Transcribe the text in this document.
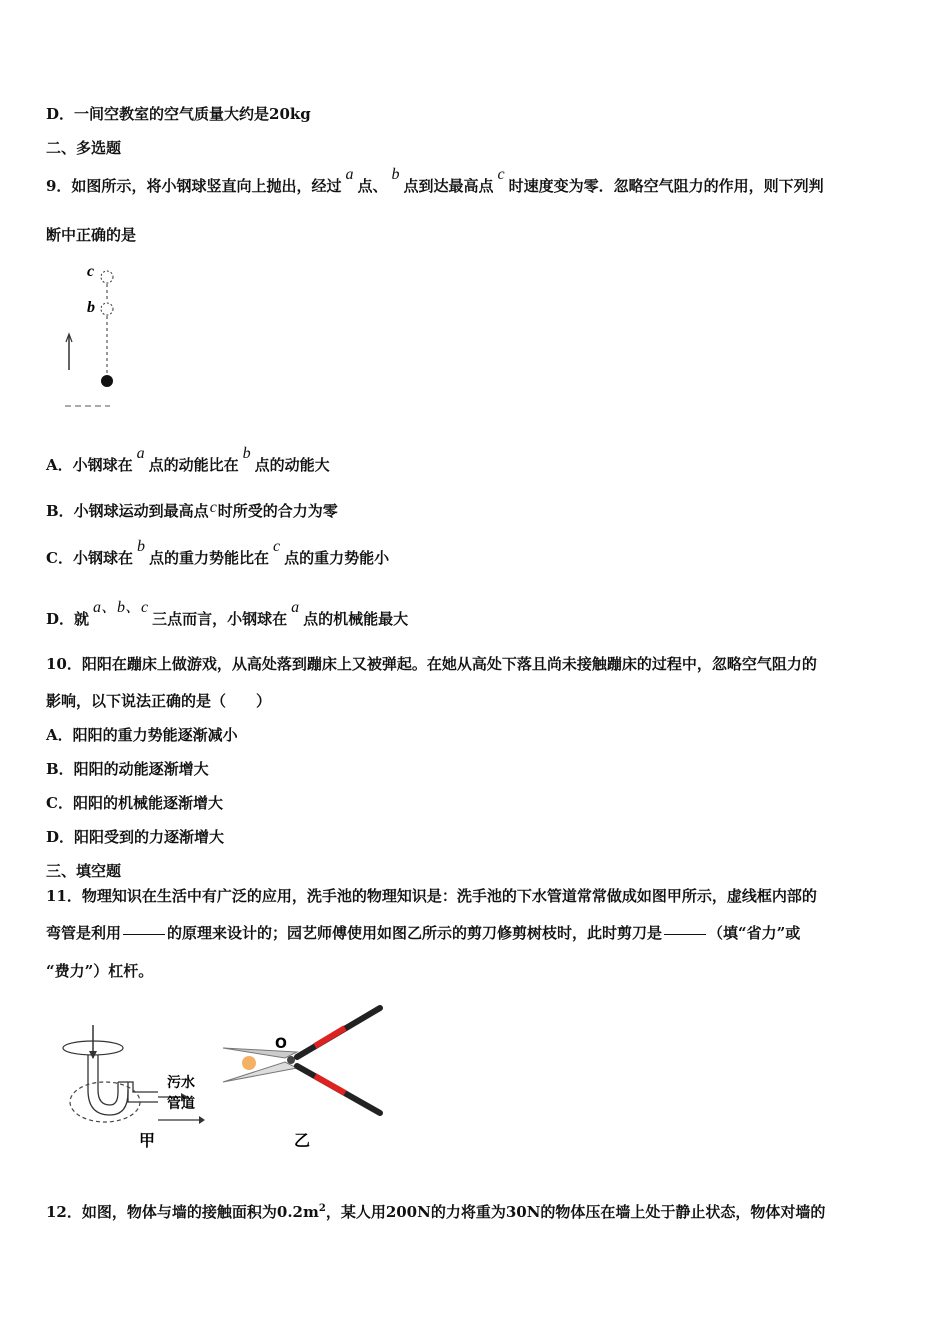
D．一间空教室的空气质量大约是20kg
二、多选题
9．如图所示，将小钢球竖直向上抛出，经过a点、b点到达最高点c时速度变为零．忽略空气阻力的作用，则下列判
断中正确的是
c
b
A．小钢球在a点的动能比在b点的动能大
B．小钢球运动到最高点c时所受的合力为零
C．小钢球在b点的重力势能比在c点的重力势能小
D．就a、b、c三点而言，小钢球在a点的机械能最大
10．阳阳在蹦床上做游戏，从高处落到蹦床上又被弹起。在她从高处下落且尚未接触蹦床的过程中，忽略空气阻力的
影响，以下说法正确的是（　　）
A．阳阳的重力势能逐渐减小
B．阳阳的动能逐渐增大
C．阳阳的机械能逐渐增大
D．阳阳受到的力逐渐增大
三、填空题
11．物理知识在生活中有广泛的应用，洗手池的物理知识是：洗手池的下水管道常常做成如图甲所示，虚线框内部的
弯管是利用	的原理来设计的；园艺师傅使用如图乙所示的剪刀修剪树枝时，此时剪刀是	（填“省力”或
“费力”）杠杆。
污水
管道
甲
O
乙
12．如图，物体与墙的接触面积为$0.2m^2$，某人用200N的力将重为30N的物体压在墙上处于静止状态，物体对墙的
